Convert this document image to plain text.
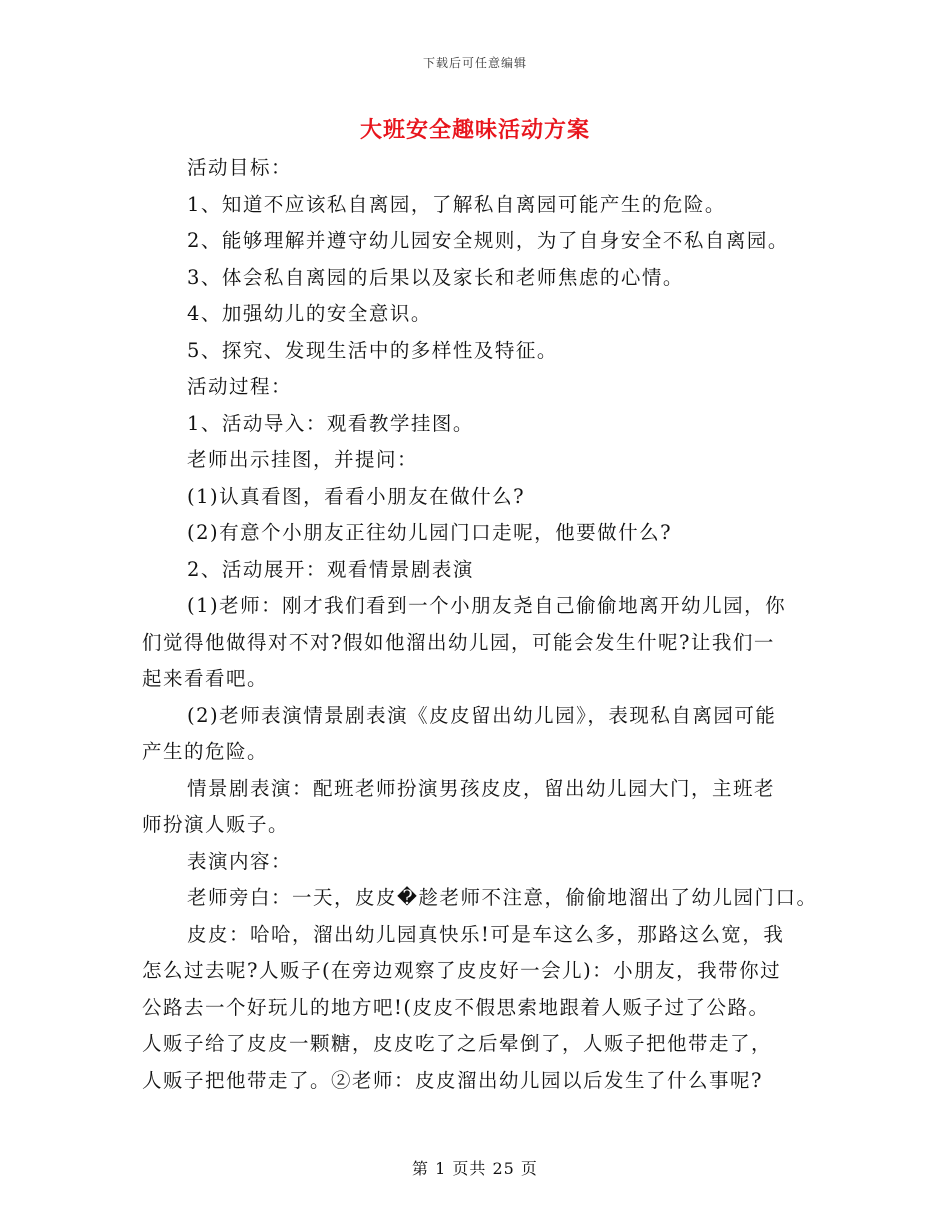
下载后可任意编辑
大班安全趣味活动方案
活动目标：
1、知道不应该私自离园，了解私自离园可能产生的危险。
2、能够理解并遵守幼儿园安全规则，为了自身安全不私自离园。
3、体会私自离园的后果以及家长和老师焦虑的心情。
4、加强幼儿的安全意识。
5、探究、发现生活中的多样性及特征。
活动过程：
1、活动导入：观看教学挂图。
老师出示挂图，并提问：
(1)认真看图，看看小朋友在做什么?
(2)有意个小朋友正往幼儿园门口走呢，他要做什么?
2、活动展开：观看情景剧表演
(1)老师：刚才我们看到一个小朋友尧自己偷偷地离开幼儿园，你
们觉得他做得对不对?假如他溜出幼儿园，可能会发生什呢?让我们一
起来看看吧。
(2)老师表演情景剧表演《皮皮留出幼儿园》，表现私自离园可能
产生的危险。
情景剧表演：配班老师扮演男孩皮皮，留出幼儿园大门，主班老
师扮演人贩子。
表演内容：
老师旁白：一天，皮皮�趁老师不注意，偷偷地溜出了幼儿园门口。
皮皮：哈哈，溜出幼儿园真快乐!可是车这么多，那路这么宽，我
怎么过去呢?人贩子(在旁边观察了皮皮好一会儿)：小朋友，我带你过
公路去一个好玩儿的地方吧!(皮皮不假思索地跟着人贩子过了公路。
人贩子给了皮皮一颗糖，皮皮吃了之后晕倒了，人贩子把他带走了，
人贩子把他带走了。②老师：皮皮溜出幼儿园以后发生了什么事呢?
第 1 页共 25 页
